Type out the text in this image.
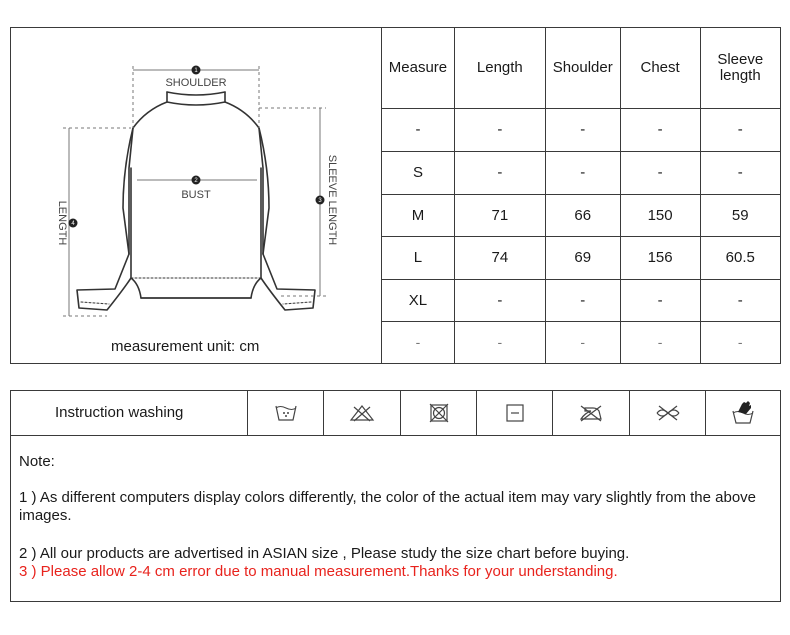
1
2
3
4
SHOULDER
BUST	SLEEVE LENGTH
LENGTH
measurement unit: cm
Measure	Length	Shoulder	Chest	Sleeve length
-	-	-	-	-
S	-	-	-	-
M	71	66	150	59
L	74	69	156	60.5
XL	-	-	-	-
-	-	-	-	-
Instruction washing
Note:
1 ) As different computers display colors differently, the color of the actual item may vary slightly from the above images.
2 ) All our products are advertised in ASIAN size , Please study the size chart before buying.
3 ) Please allow 2-4 cm error due to manual measurement.Thanks for your understanding.
